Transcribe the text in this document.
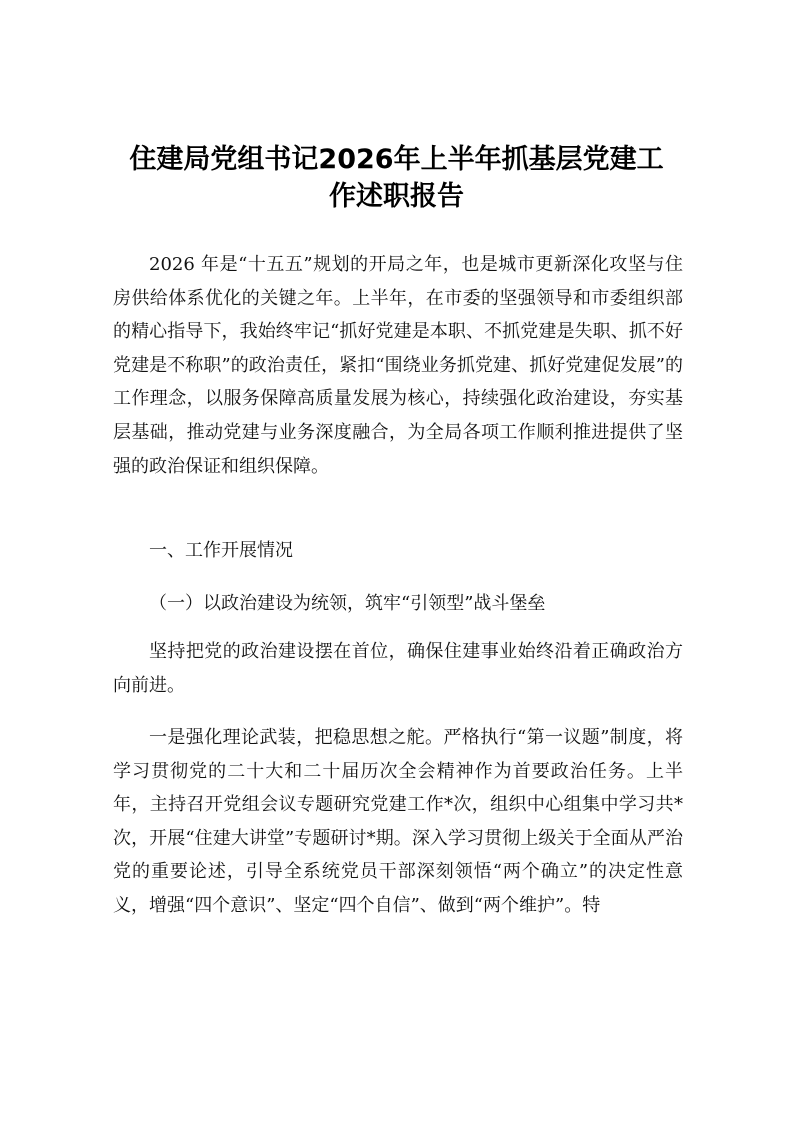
住建局党组书记2026年上半年抓基层党建工
作述职报告

2026 年是“十五五”规划的开局之年，也是城市更新深化攻坚与住房供给体系优化的关键之年。上半年，在市委的坚强领导和市委组织部的精心指导下，我始终牢记“抓好党建是本职、不抓党建是失职、抓不好党建是不称职”的政治责任，紧扣“围绕业务抓党建、抓好党建促发展”的工作理念，以服务保障高质量发展为核心，持续强化政治建设，夯实基层基础，推动党建与业务深度融合，为全局各项工作顺利推进提供了坚强的政治保证和组织保障。

一、工作开展情况

（一）以政治建设为统领，筑牢“引领型”战斗堡垒

坚持把党的政治建设摆在首位，确保住建事业始终沿着正确政治方向前进。

一是强化理论武装，把稳思想之舵。严格执行“第一议题”制度，将学习贯彻党的二十大和二十届历次全会精神作为首要政治任务。上半年，主持召开党组会议专题研究党建工作*次，组织中心组集中学习共*次，开展“住建大讲堂”专题研讨*期。深入学习贯彻上级关于全面从严治党的重要论述，引导全系统党员干部深刻领悟“两个确立”的决定性意义，增强“四个意识”、坚定“四个自信”、做到“两个维护”。特
